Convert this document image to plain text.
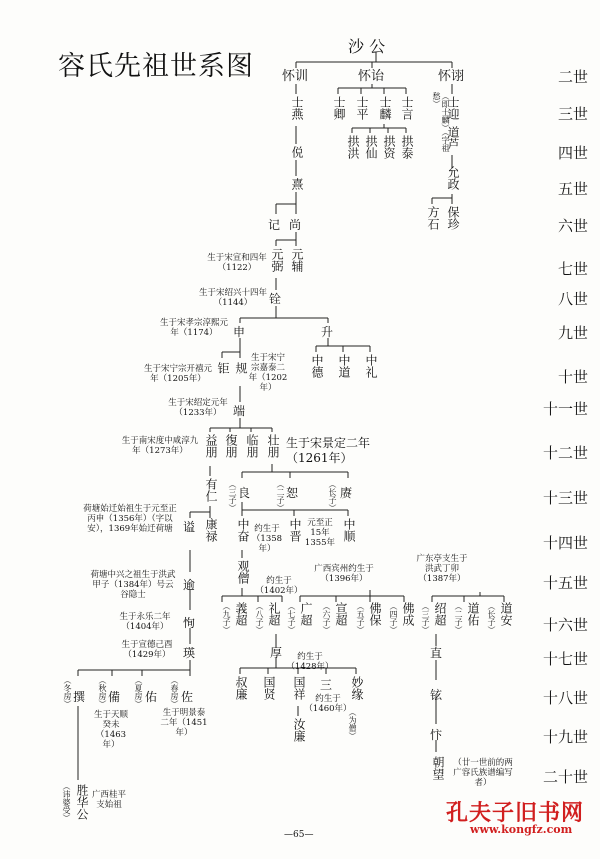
容氏先祖世系图	二世
三世
四世
五世
六世
七世
八世
九世
十世
十一世
十二世
十三世
十四世
十五世
十六世
十七世
十八世
十九世
二十世
沙 公
怀训	怀诒	怀诩
士燕 士卿 士平 士麟 士言	士迎
（即士麟）（字祖愁）
侻	拱洪 拱仙 拱资 拱泰	道芦
熹	允政
记 尚	方石 保珍
生于宋宣和四年（1122）	元弼 元辅
生于宋绍兴十四年（1144）	铨
生于宋孝宗淳熙元年（1174）	申	升
生于宋宁宗开禧元年（1205年）
钜 规
生于宋宁宗嘉泰二年（1202年）
中德 中道 中礼
生于宋绍定元年（1233年） 端
生于南宋度中咸淳九年（1273年）	益朋 復朋 临朋 壮朋 生于宋景定二年（1261年）
有仁 （三子） 良	（二子） 恕	（长子） 赓
荷塘始迁始祖生于元至正丙申（1356年）（字以安），1369年始迁荷塘 谥 康禄 中奋 约生于（1358年）
中晋 元至正15年1355年
中顺
荷塘中兴之祖生于洪武甲子（1384年）号云谷隐士
逾
观僧	约生于（1402年）
广西宾州约生于（1396年）
广东亭支生于洪武丁卯（1387年）
生于永乐二年（1404年）	恂	（九子） 義超 （八子） 礼超 （七子） 广超 （六子） 宣超 （五子） 佛保 （四子） 佛成 （三子） 绍超 （二子） 道佑 （长子） 道安
生于宣德己酉（1429年）	瑛	厚	约生于（1428年）
直
（冬房） 撰 （秋房） 備 （夏房） 佑 （春房） 佐	叔廉 国贤 国祥 三
约生于（1460年）
妙缘
（为僧）
铉
生于天顺癸未（1463年）
生于明景泰二年（1451年）	汝廉	忭
（讳婆受） 胜华公 广西桂平支始祖
朝望 （廿一世前的两广容氏族谱编写者）
—65—
孔夫子旧书网
www.kongfz.com
